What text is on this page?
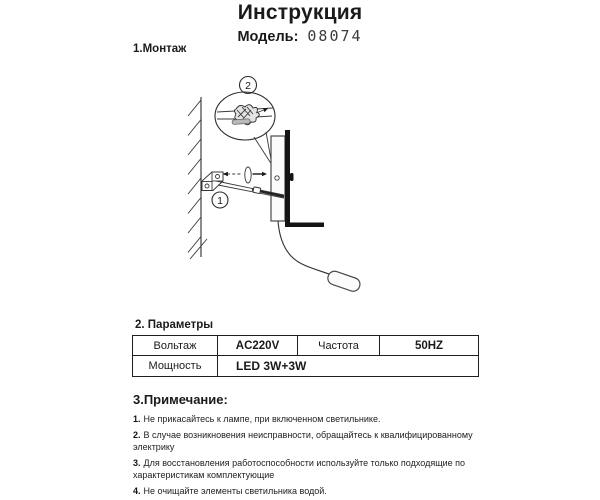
Инструкция
Модель: 08074
1.Монтаж
2
1
2. Параметры
Вольтаж	AC220V	Частота	50HZ
Мощность	LED 3W+3W		
3.Примечание:
1. Не прикасайтесь к лампе, при включенном светильнике.
2. В случае возникновения неисправности, обращайтесь к квалифицированному электрику
3. Для восстановления работоспособности используйте только подходящие по характеристикам комплектующие
4. Не очищайте элементы светильника водой.
